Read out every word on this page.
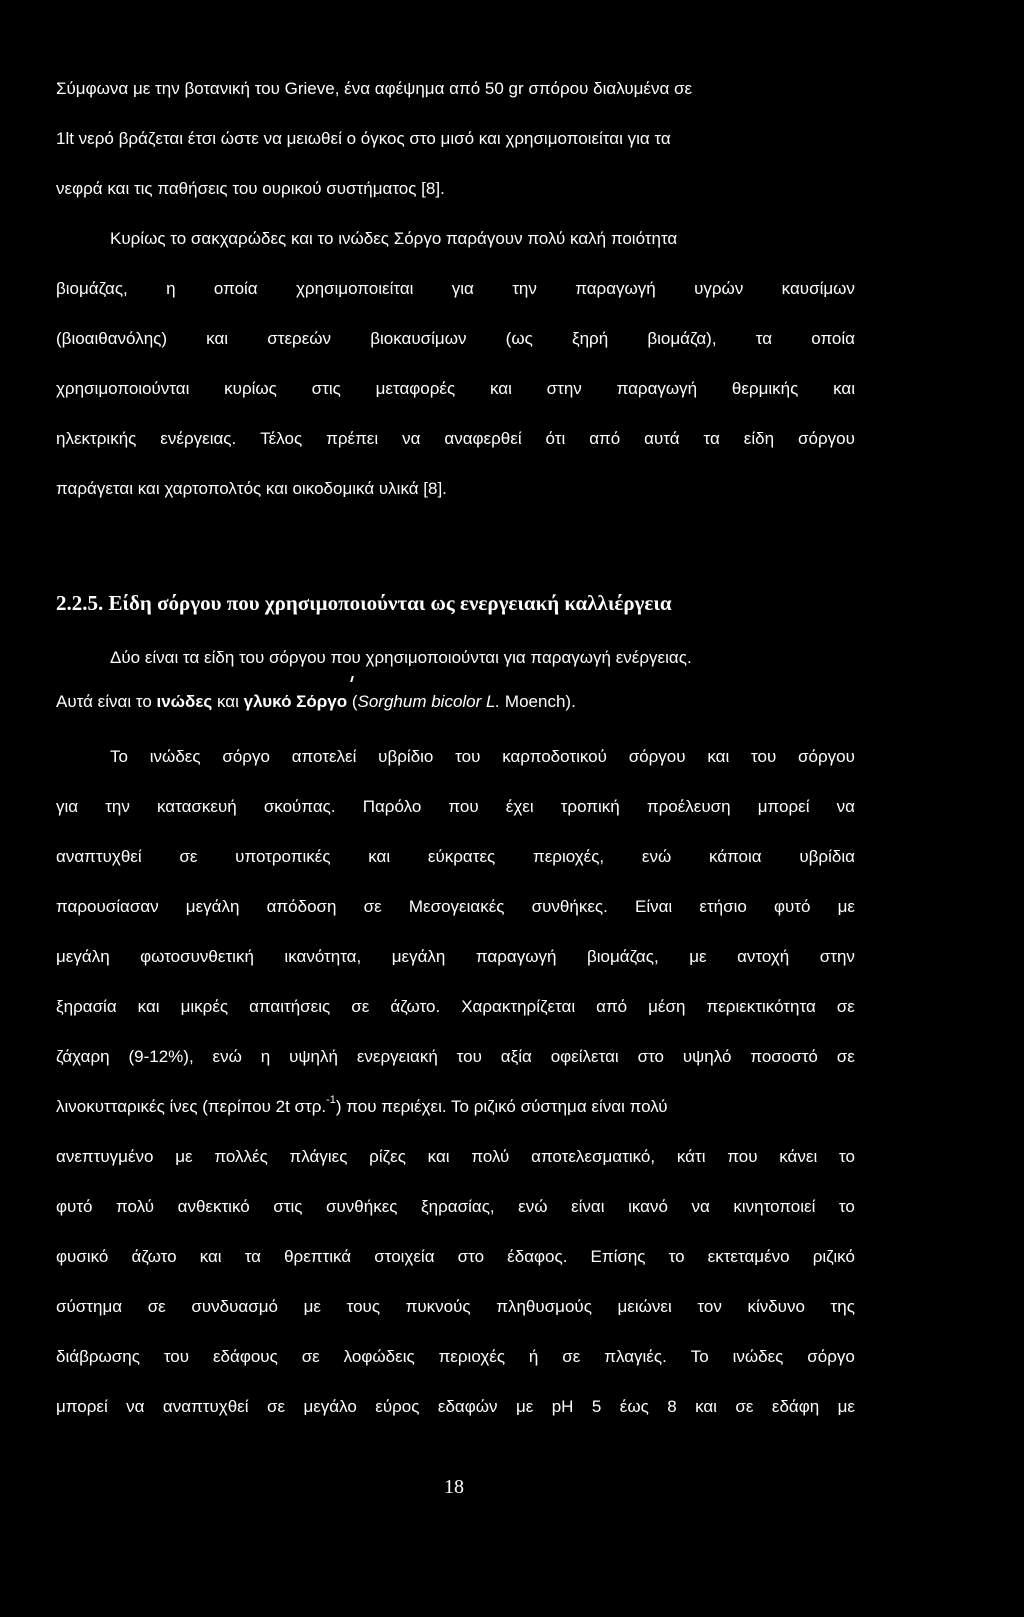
Σύμφωνα με την βοτανική του Grieve, ένα αφέψημα από 50 gr σπόρου διαλυμένα σε
1lt νερό βράζεται έτσι ώστε να μειωθεί ο όγκος στο μισό και χρησιμοποιείται για τα
νεφρά και τις παθήσεις του ουρικού συστήματος [8].
Κυρίως το σακχαρώδες και το ινώδες Σόργο παράγουν πολύ καλή ποιότητα
βιομάζας, η οποία χρησιμοποιείται για την παραγωγή υγρών καυσίμων
(βιοαιθανόλης) και στερεών βιοκαυσίμων (ως ξηρή βιομάζα), τα οποία
χρησιμοποιούνται κυρίως στις μεταφορές και στην παραγωγή θερμικής και
ηλεκτρικής ενέργειας. Τέλος πρέπει να αναφερθεί ότι από αυτά τα είδη σόργου
παράγεται και χαρτοπολτός και οικοδομικά υλικά [8].
2.2.5. Είδη σόργου που χρησιμοποιούνται ως ενεργειακή καλλιέργεια
Δύο είναι τα είδη του σόργου που χρησιμοποιούνται για παραγωγή ενέργειας.
Αυτά είναι το ινώδες και γλυκό Σόργο (Sorghum bicolor L. Moench).
Το ινώδες σόργο αποτελεί υβρίδιο του καρποδοτικού σόργου και του σόργου
για την κατασκευή σκούπας. Παρόλο που έχει τροπική προέλευση μπορεί να
αναπτυχθεί σε υποτροπικές και εύκρατες περιοχές, ενώ κάποια υβρίδια
παρουσίασαν μεγάλη απόδοση σε Μεσογειακές συνθήκες. Είναι ετήσιο φυτό με
μεγάλη φωτοσυνθετική ικανότητα, μεγάλη παραγωγή βιομάζας, με αντοχή στην
ξηρασία και μικρές απαιτήσεις σε άζωτο. Χαρακτηρίζεται από μέση περιεκτικότητα σε
ζάχαρη (9-12%), ενώ η υψηλή ενεργειακή του αξία οφείλεται στο υψηλό ποσοστό σε
λινοκυτταρικές ίνες (περίπου 2t στρ.$^{-1}$) που περιέχει. Το ριζικό σύστημα είναι πολύ
ανεπτυγμένο με πολλές πλάγιες ρίζες και πολύ αποτελεσματικό, κάτι που κάνει το
φυτό πολύ ανθεκτικό στις συνθήκες ξηρασίας, ενώ είναι ικανό να κινητοποιεί το
φυσικό άζωτο και τα θρεπτικά στοιχεία στο έδαφος. Επίσης το εκτεταμένο ριζικό
σύστημα σε συνδυασμό με τους πυκνούς πληθυσμούς μειώνει τον κίνδυνο της
διάβρωσης του εδάφους σε λοφώδεις περιοχές ή σε πλαγιές. Το ινώδες σόργο
μπορεί να αναπτυχθεί σε μεγάλο εύρος εδαφών με pH 5 έως 8 και σε εδάφη με
18
